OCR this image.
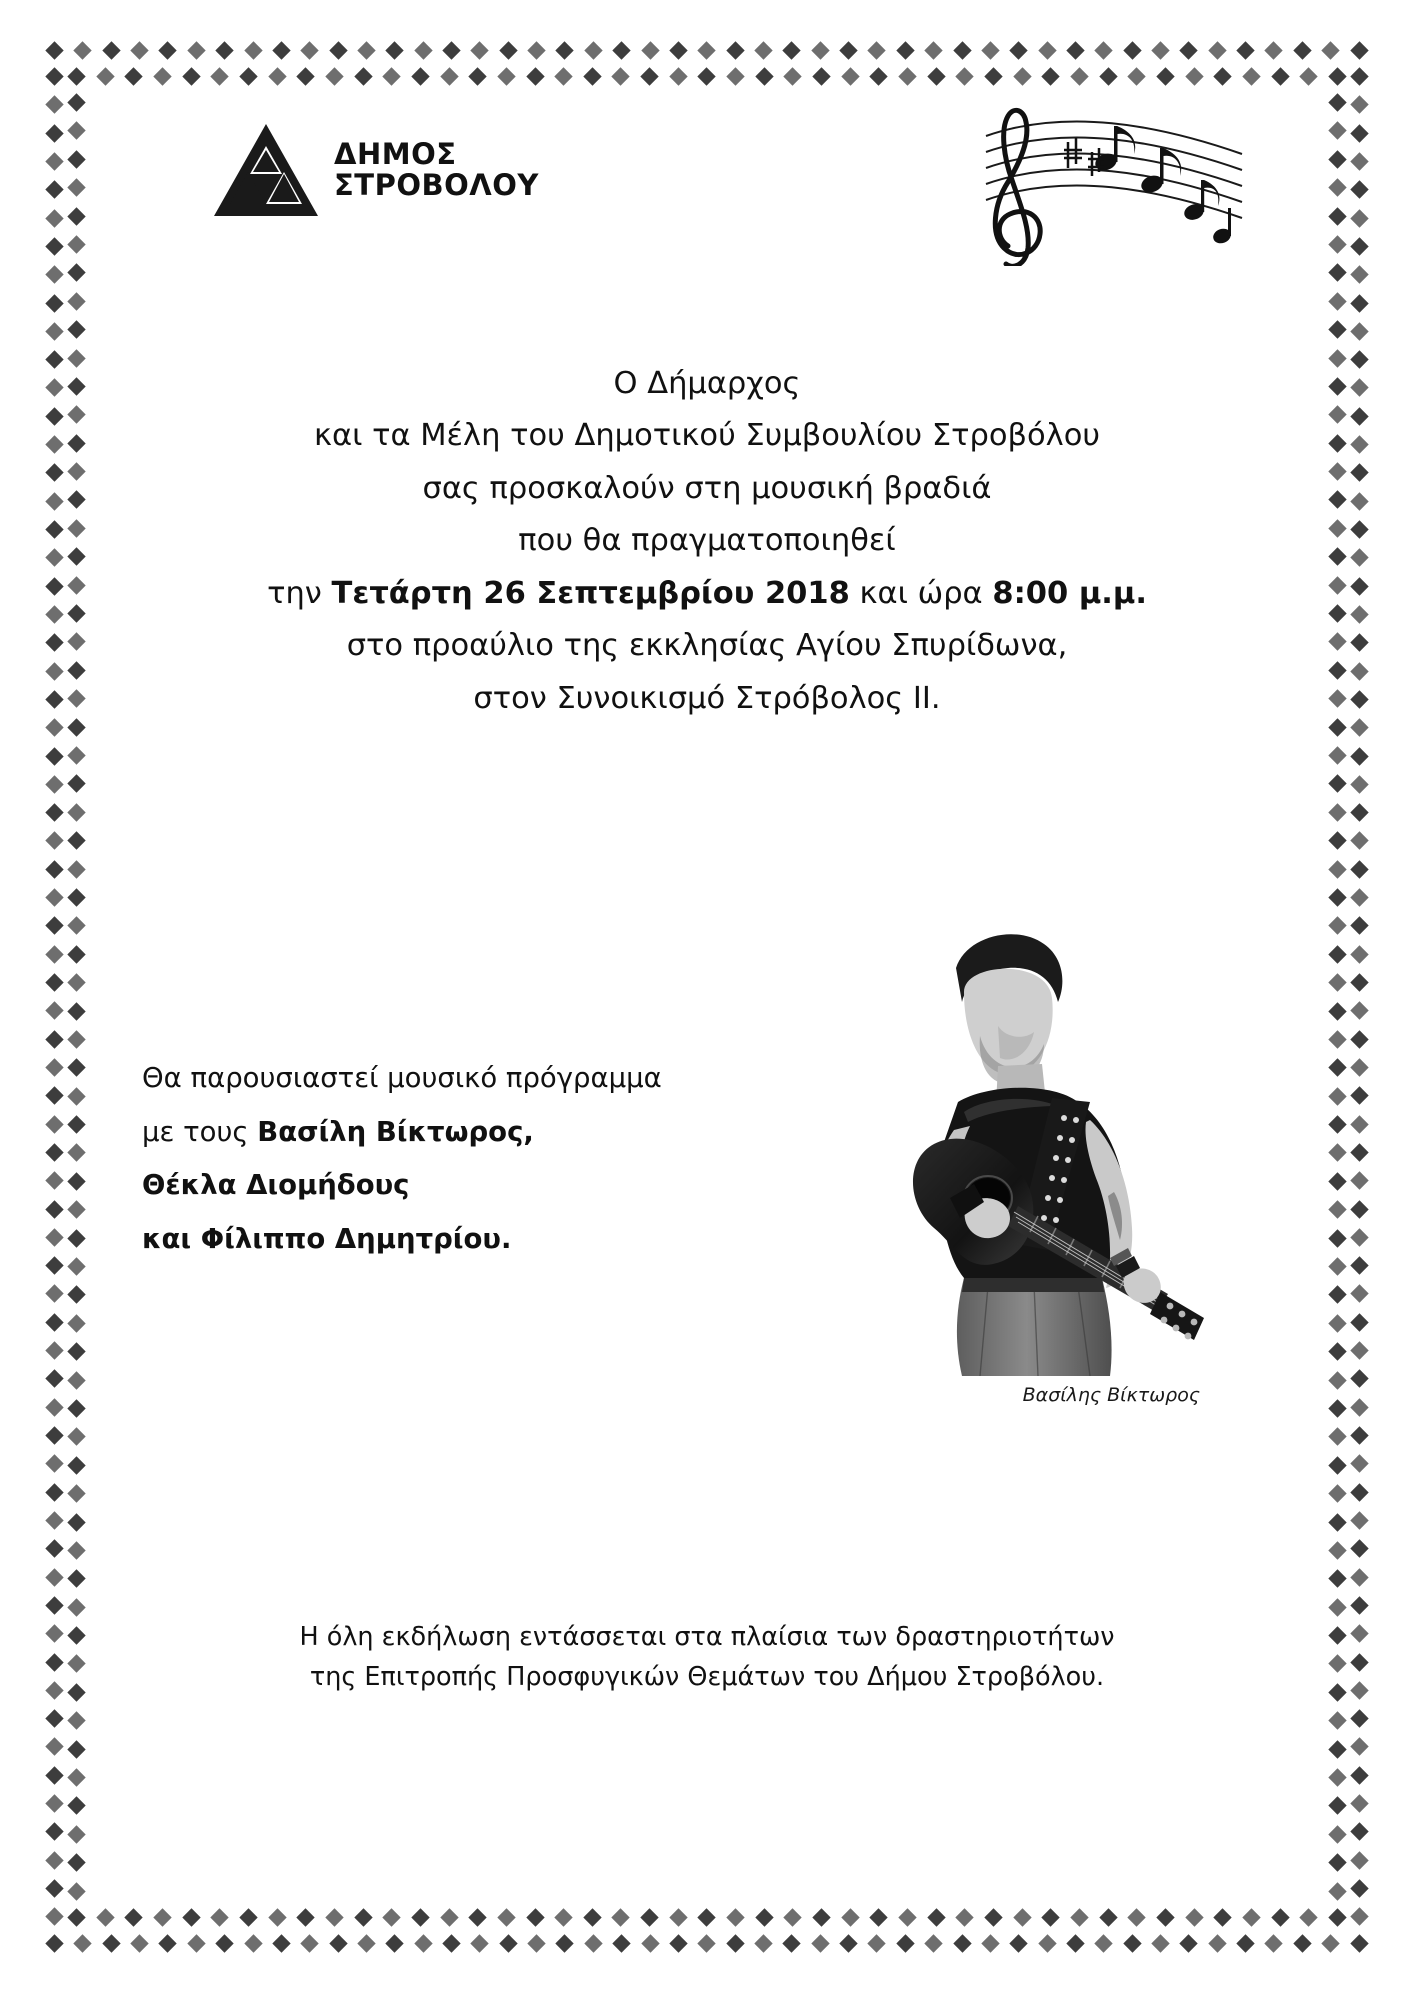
ΔΗΜΟΣ
ΣΤΡΟΒΟΛΟΥ
Ο Δήμαρχος
και τα Μέλη του Δημοτικού Συμβουλίου Στροβόλου
σας προσκαλούν στη μουσική βραδιά
που θα πραγματοποιηθεί
την Τετάρτη 26 Σεπτεμβρίου 2018 και ώρα 8:00 μ.μ.
στο προαύλιο της εκκλησίας Αγίου Σπυρίδωνα,
στον Συνοικισμό Στρόβολος ΙΙ.
Θα παρουσιαστεί μουσικό πρόγραμμα
με τους Βασίλη Βίκτωρος,
Θέκλα Διομήδους
και Φίλιππο Δημητρίου.
Βασίλης Βίκτωρος
Η όλη εκδήλωση εντάσσεται στα πλαίσια των δραστηριοτήτων
της Επιτροπής Προσφυγικών Θεμάτων του Δήμου Στροβόλου.
